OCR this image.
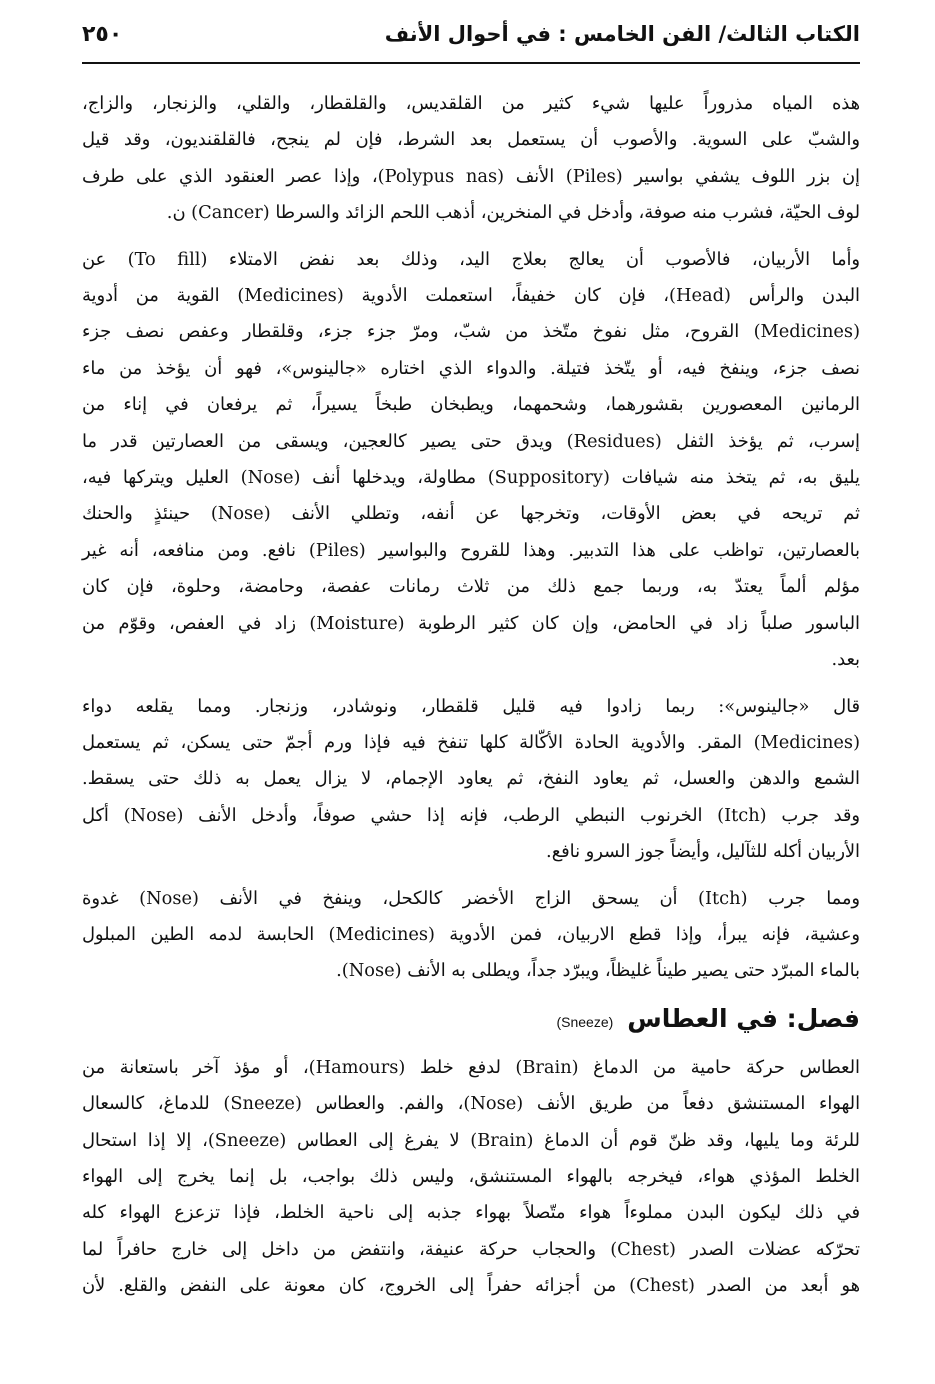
الكتاب الثالث/ الفن الخامس : في أحوال الأنف
٢٥٠

هذه المياه مذروراً عليها شيء كثير من القلقديس، والقلقطار، والقلي، والزنجار، والزاج،
والشبّ على السوية. والأصوب أن يستعمل بعد الشرط، فإن لم ينجح، فالقلقنديون، وقد قيل
إن بزر اللوف يشفي بواسير (Piles) الأنف (Polypus nas)، وإذا عصر العنقود الذي على طرف
لوف الحيّة، فشرب منه صوفة، وأدخل في المنخرين، أذهب اللحم الزائد والسرطا (Cancer) ن.

وأما الأربيان، فالأصوب أن يعالج بعلاج اليد، وذلك بعد نفض الامتلاء (To fill) عن
البدن والرأس (Head)، فإن كان خفيفاً، استعملت الأدوية (Medicines) القوية من أدوية
(Medicines) القروح، مثل نفوخ متّخذ من شبّ، ومرّ جزء جزء، وقلقطار وعفص نصف جزء
نصف جزء، وينفخ فيه، أو يتّخذ فتيلة. والدواء الذي اختاره «جالينوس»، فهو أن يؤخذ من ماء
الرمانين المعصورين بقشورهما، وشحمهما، ويطبخان طبخاً يسيراً، ثم يرفعان في إناء من
إسرب، ثم يؤخذ الثفل (Residues) ويدق حتى يصير كالعجين، ويسقى من العصارتين قدر ما
يليق به، ثم يتخذ منه شيافات (Suppository) مطاولة، ويدخلها أنف (Nose) العليل ويتركها فيه،
ثم تريحه في بعض الأوقات، وتخرجها عن أنفه، وتطلي الأنف (Nose) حينئذٍ والحنك
بالعصارتين، تواظب على هذا التدبير. وهذا للقروح والبواسير (Piles) نافع. ومن منافعه، أنه غير
مؤلم ألماً يعتدّ به، وربما جمع ذلك من ثلاث رمانات عفصة، وحامضة، وحلوة، فإن كان
الباسور صلباً زاد في الحامض، وإن كان كثير الرطوبة (Moisture) زاد في العفص، وقوّم من
بعد.

قال «جالينوس»: ربما زادوا فيه قليل قلقطار، ونوشادر، وزنجار. ومما يقلعه دواء
(Medicines) المقر. والأدوية الحادة الأكّالة كلها تنفخ فيه فإذا ورم أجمّ حتى يسكن، ثم يستعمل
الشمع والدهن والعسل، ثم يعاود النفخ، ثم يعاود الإجمام، لا يزال يعمل به ذلك حتى يسقط.
وقد جرب (Itch) الخرنوب النبطي الرطب، فإنه إذا حشي صوفاً، وأدخل الأنف (Nose) أكل
الأربيان أكله للثآليل، وأيضاً جوز السرو نافع.

ومما جرب (Itch) أن يسحق الزاج الأخضر كالكحل، وينفخ في الأنف (Nose) غدوة
وعشية، فإنه يبرأ، وإذا قطع الاربيان، فمن الأدوية (Medicines) الحابسة لدمه الطين المبلول
بالماء المبرّد حتى يصير طيناً غليظاً، ويبرّد جداً، ويطلى به الأنف (Nose).

فصل: في العطاس
(Sneeze)

العطاس حركة حامية من الدماغ (Brain) لدفع خلط (Hamours)، أو مؤذ آخر باستعانة من
الهواء المستنشق دفعاً من طريق الأنف (Nose)، والفم. والعطاس (Sneeze) للدماغ، كالسعال
للرئة وما يليها، وقد ظنّ قوم أن الدماغ (Brain) لا يفرغ إلى العطاس (Sneeze)، إلا إذا استحال
الخلط المؤذي هواء، فيخرجه بالهواء المستنشق، وليس ذلك بواجب، بل إنما يخرج إلى الهواء
في ذلك ليكون البدن مملوءاً هواء متّصلاً بهواء جذبه إلى ناحية الخلط، فإذا تزعزع الهواء كله
تحرّكه عضلات الصدر (Chest) والحجاب حركة عنيفة، وانتفض من داخل إلى خارج حافراً لما
هو أبعد من الصدر (Chest) من أجزائه حفراً إلى الخروج، كان معونة على النفض والقلع. لأن
